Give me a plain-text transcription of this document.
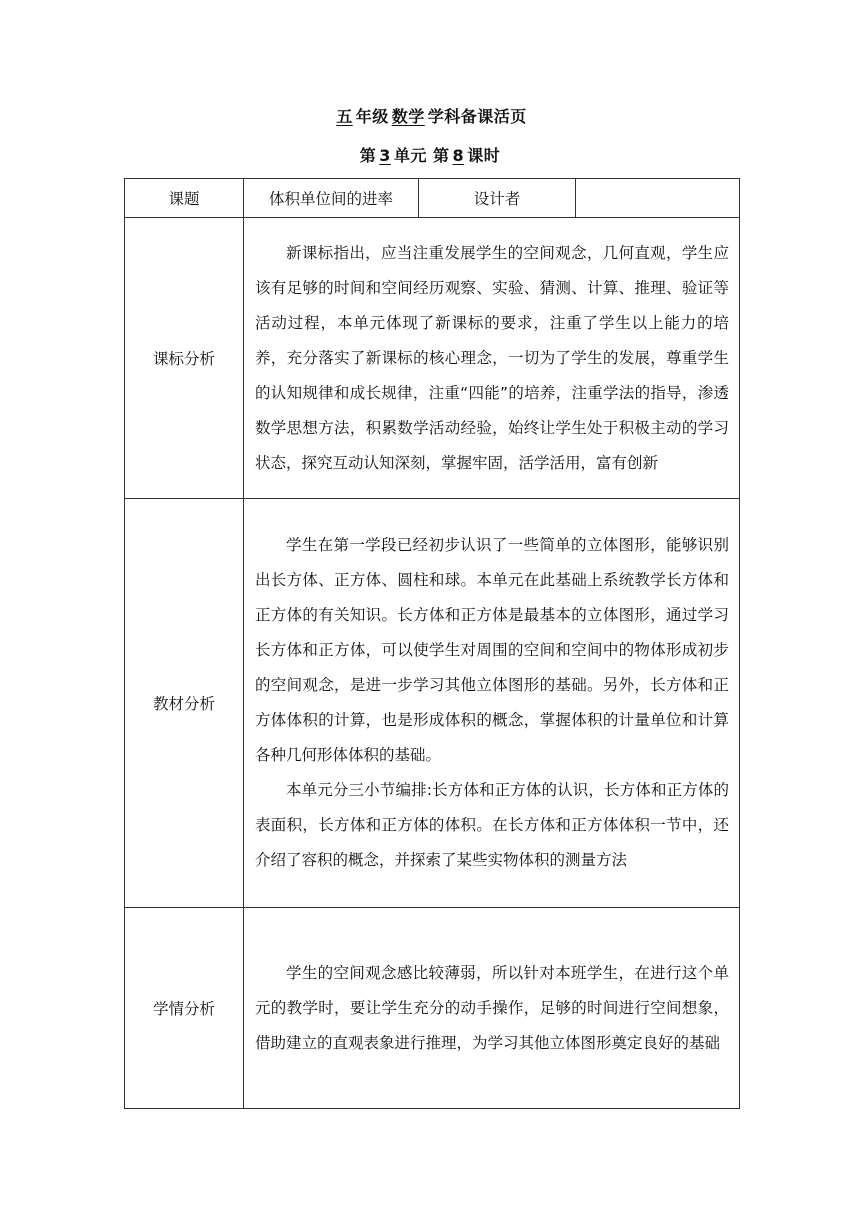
五 年级 数学 学科备课活页
第 3 单元 第 8 课时
课题	体积单位间的进率	设计者	
课标分析	新课标指出，应当注重发展学生的空间观念，几何直观，学生应该有足够的时间和空间经历观察、实验、猜测、计算、推理、验证等活动过程，本单元体现了新课标的要求，注重了学生以上能力的培养，充分落实了新课标的核心理念，一切为了学生的发展，尊重学生的认知规律和成长规律，注重“四能”的培养，注重学法的指导，渗透数学思想方法，积累数学活动经验，始终让学生处于积极主动的学习状态，探究互动认知深刻，掌握牢固，活学活用，富有创新		

教材分析	学生在第一学段已经初步认识了一些简单的立体图形，能够识别出长方体、正方体、圆柱和球。本单元在此基础上系统教学长方体和正方体的有关知识。长方体和正方体是最基本的立体图形，通过学习长方体和正方体，可以使学生对周围的空间和空间中的物体形成初步的空间观念，是进一步学习其他立体图形的基础。另外，长方体和正方体体积的计算，也是形成体积的概念，掌握体积的计量单位和计算各种几何形体体积的基础。

本单元分三小节编排:长方体和正方体的认识，长方体和正方体的表面积，长方体和正方体的体积。在长方体和正方体体积一节中，还介绍了容积的概念，并探索了某些实物体积的测量方法		

学情分析	学生的空间观念感比较薄弱，所以针对本班学生，在进行这个单元的教学时，要让学生充分的动手操作，足够的时间进行空间想象，借助建立的直观表象进行推理，为学习其他立体图形奠定良好的基础		
